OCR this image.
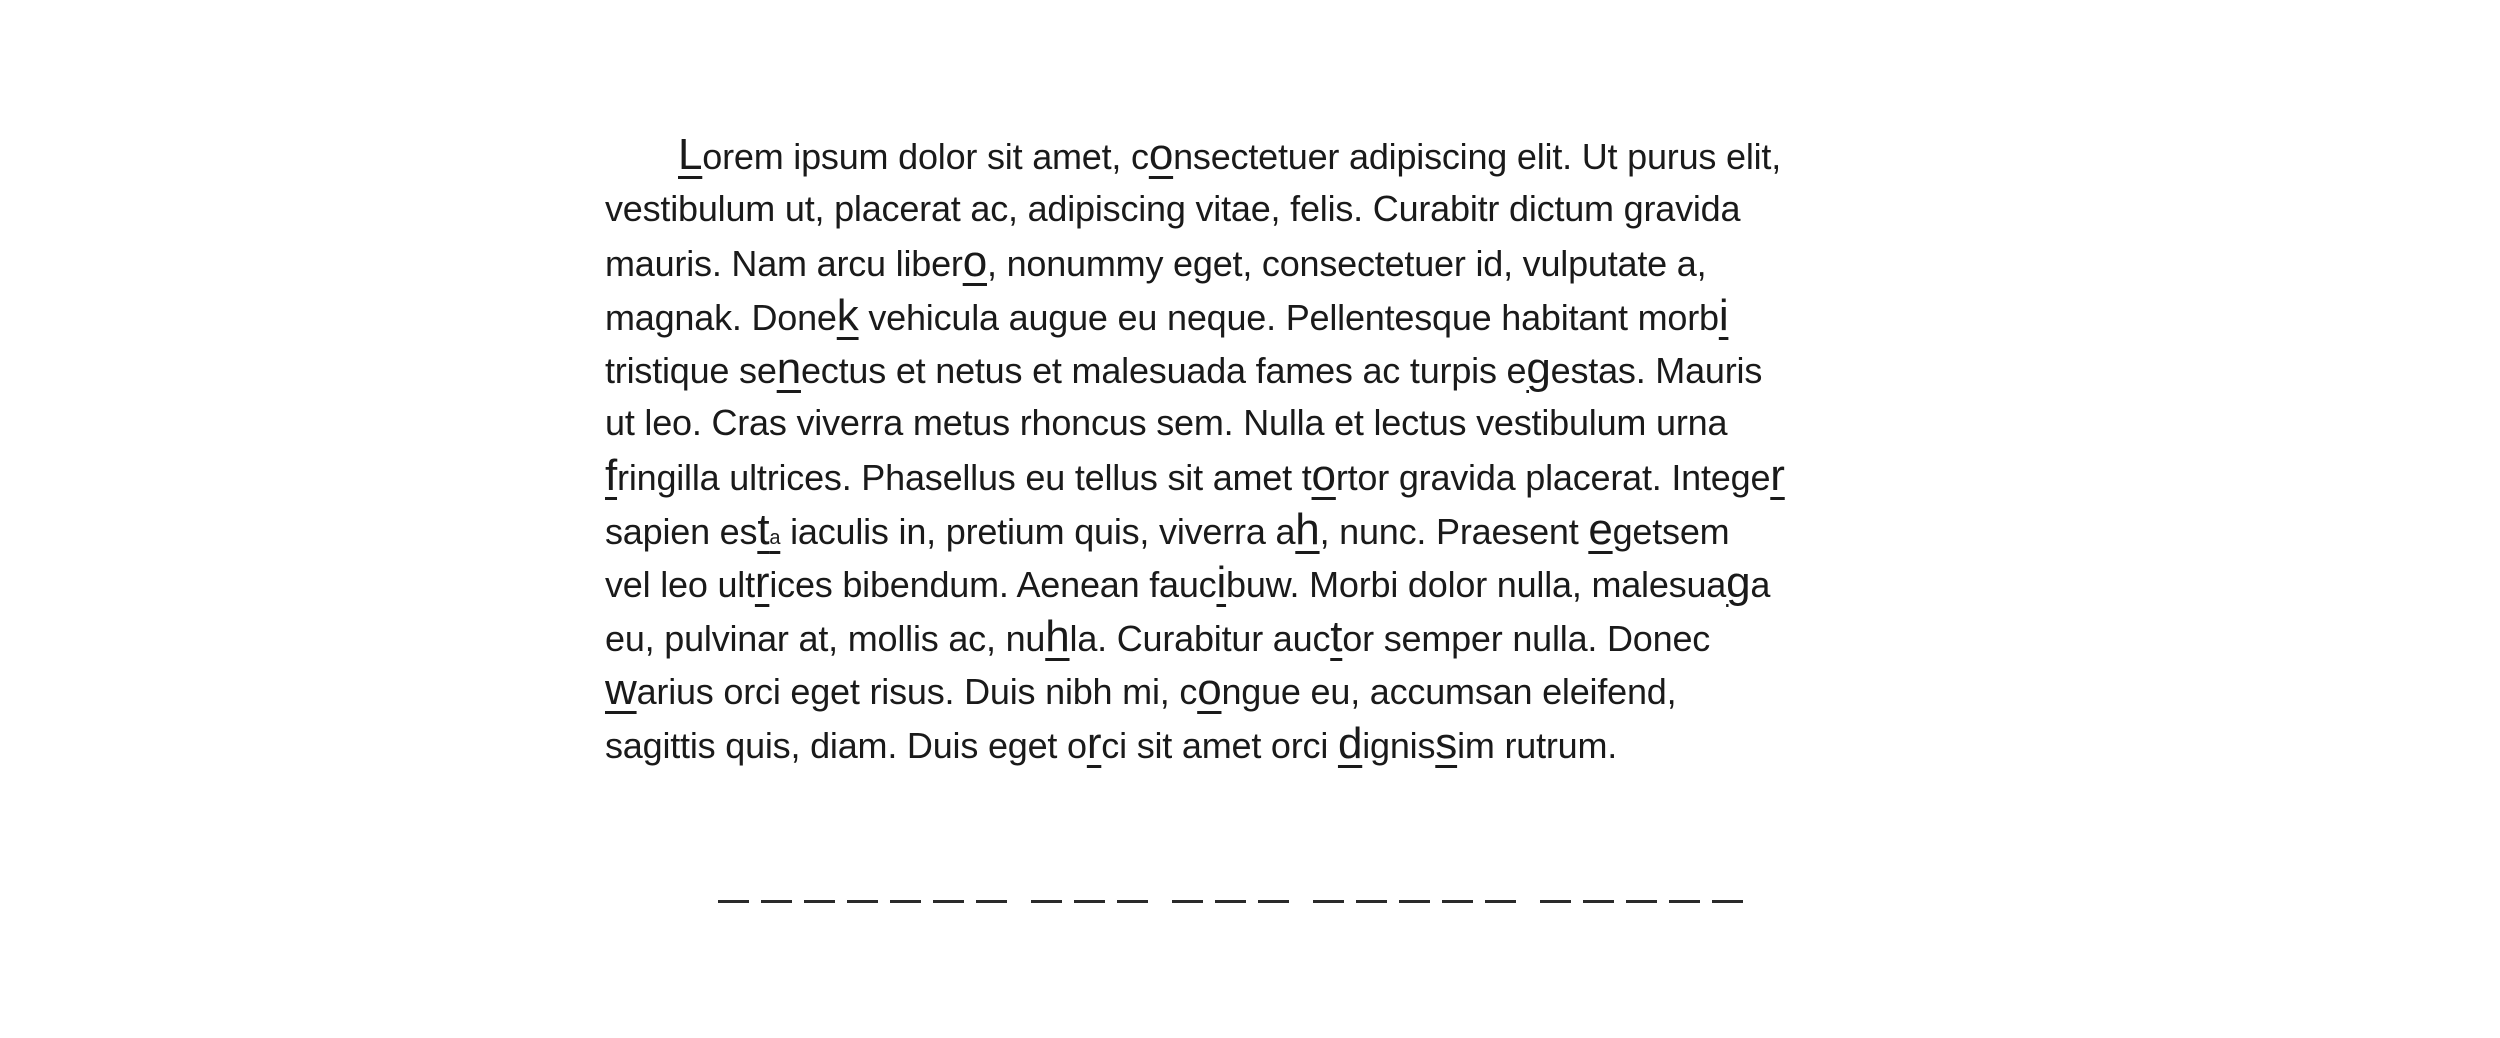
Lorem ipsum dolor sit amet, consectetuer adipiscing elit. Ut purus elit,
vestibulum ut, placerat ac, adipiscing vitae, felis. Curabitr dictum gravida
mauris. Nam arcu libero, nonummy eget, consectetuer id, vulputate a,
magnak. Donek vehicula augue eu neque. Pellentesque habitant morbi
tristique senectus et netus et malesuada fames ac turpis egestas. Mauris
ut leo. Cras viverra metus rhoncus sem. Nulla et lectus vestibulum urna
fringilla ultrices. Phasellus eu tellus sit amet tortor gravida placerat. Integer
sapien esta iaculis in, pretium quis, viverra ah, nunc. Praesent egetsem
vel leo ultrices bibendum. Aenean faucibuw. Morbi dolor nulla, malesuaga
eu, pulvinar at, mollis ac, nuhla. Curabitur auctor semper nulla. Donec
warius orci eget risus. Duis nibh mi, congue eu, accumsan eleifend,
sagittis quis, diam. Duis eget orci sit amet orci dignissim rutrum.
